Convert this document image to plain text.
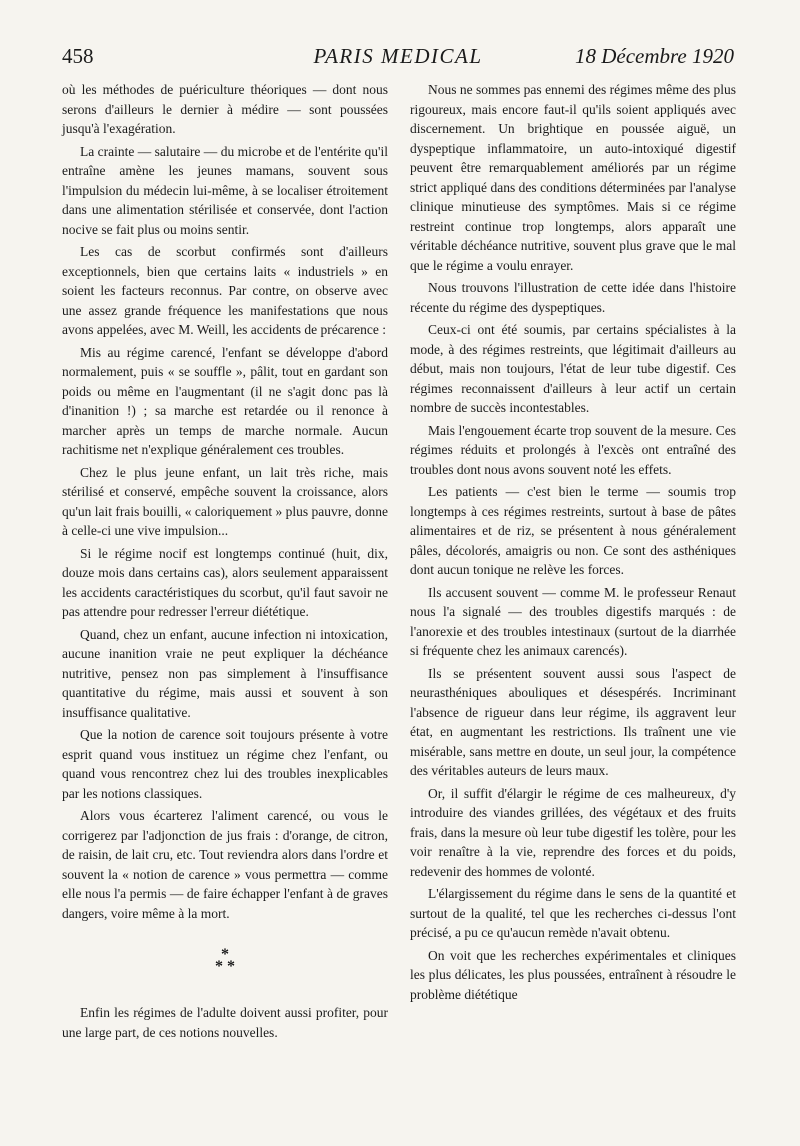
458	PARIS MEDICAL	18 Décembre 1920

où les méthodes de puériculture théoriques — dont nous serons d'ailleurs le dernier à médire — sont poussées jusqu'à l'exagération.

La crainte — salutaire — du microbe et de l'entérite qu'il entraîne amène les jeunes mamans, souvent sous l'impulsion du médecin lui-même, à se localiser étroitement dans une alimentation stérilisée et conservée, dont l'action nocive se fait plus ou moins sentir.

Les cas de scorbut confirmés sont d'ailleurs exceptionnels, bien que certains laits « industriels » en soient les facteurs reconnus. Par contre, on observe avec une assez grande fréquence les manifestations que nous avons appelées, avec M. Weill, les accidents de précarence :

Mis au régime carencé, l'enfant se développe d'abord normalement, puis « se souffle », pâlit, tout en gardant son poids ou même en l'augmentant (il ne s'agit donc pas là d'inanition !) ; sa marche est retardée ou il renonce à marcher après un temps de marche normale. Aucun rachitisme net n'explique généralement ces troubles.

Chez le plus jeune enfant, un lait très riche, mais stérilisé et conservé, empêche souvent la croissance, alors qu'un lait frais bouilli, « caloriquement » plus pauvre, donne à celle-ci une vive impulsion...

Si le régime nocif est longtemps continué (huit, dix, douze mois dans certains cas), alors seulement apparaissent les accidents caractéristiques du scorbut, qu'il faut savoir ne pas attendre pour redresser l'erreur diététique.

Quand, chez un enfant, aucune infection ni intoxication, aucune inanition vraie ne peut expliquer la déchéance nutritive, pensez non pas simplement à l'insuffisance quantitative du régime, mais aussi et souvent à son insuffisance qualitative.

Que la notion de carence soit toujours présente à votre esprit quand vous instituez un régime chez l'enfant, ou quand vous rencontrez chez lui des troubles inexplicables par les notions classiques.

Alors vous écarterez l'aliment carencé, ou vous le corrigerez par l'adjonction de jus frais : d'orange, de citron, de raisin, de lait cru, etc. Tout reviendra alors dans l'ordre et souvent la « notion de carence » vous permettra — comme elle nous l'a permis — de faire échapper l'enfant à de graves dangers, voire même à la mort.

*
* *

Enfin les régimes de l'adulte doivent aussi profiter, pour une large part, de ces notions nouvelles.

Nous ne sommes pas ennemi des régimes même des plus rigoureux, mais encore faut-il qu'ils soient appliqués avec discernement. Un brightique en poussée aiguë, un dyspeptique inflammatoire, un auto-intoxiqué digestif peuvent être remarquablement améliorés par un régime strict appliqué dans des conditions déterminées par l'analyse clinique minutieuse des symptômes. Mais si ce régime restreint continue trop longtemps, alors apparaît une véritable déchéance nutritive, souvent plus grave que le mal que le régime a voulu enrayer.

Nous trouvons l'illustration de cette idée dans l'histoire récente du régime des dyspeptiques.

Ceux-ci ont été soumis, par certains spécialistes à la mode, à des régimes restreints, que légitimait d'ailleurs au début, mais non toujours, l'état de leur tube digestif. Ces régimes reconnaissent d'ailleurs à leur actif un certain nombre de succès incontestables.

Mais l'engouement écarte trop souvent de la mesure. Ces régimes réduits et prolongés à l'excès ont entraîné des troubles dont nous avons souvent noté les effets.

Les patients — c'est bien le terme — soumis trop longtemps à ces régimes restreints, surtout à base de pâtes alimentaires et de riz, se présentent à nous généralement pâles, décolorés, amaigris ou non. Ce sont des asthéniques dont aucun tonique ne relève les forces.

Ils accusent souvent — comme M. le professeur Renaut nous l'a signalé — des troubles digestifs marqués : de l'anorexie et des troubles intestinaux (surtout de la diarrhée si fréquente chez les animaux carencés).

Ils se présentent souvent aussi sous l'aspect de neurasthéniques abouliques et désespérés. Incriminant l'absence de rigueur dans leur régime, ils aggravent leur état, en augmentant les restrictions. Ils traînent une vie misérable, sans mettre en doute, un seul jour, la compétence des véritables auteurs de leurs maux.

Or, il suffit d'élargir le régime de ces malheureux, d'y introduire des viandes grillées, des végétaux et des fruits frais, dans la mesure où leur tube digestif les tolère, pour les voir renaître à la vie, reprendre des forces et du poids, redevenir des hommes de volonté.

L'élargissement du régime dans le sens de la quantité et surtout de la qualité, tel que les recherches ci-dessus l'ont précisé, a pu ce qu'aucun remède n'avait obtenu.

On voit que les recherches expérimentales et cliniques les plus délicates, les plus poussées, entraînent à résoudre le problème diététique
